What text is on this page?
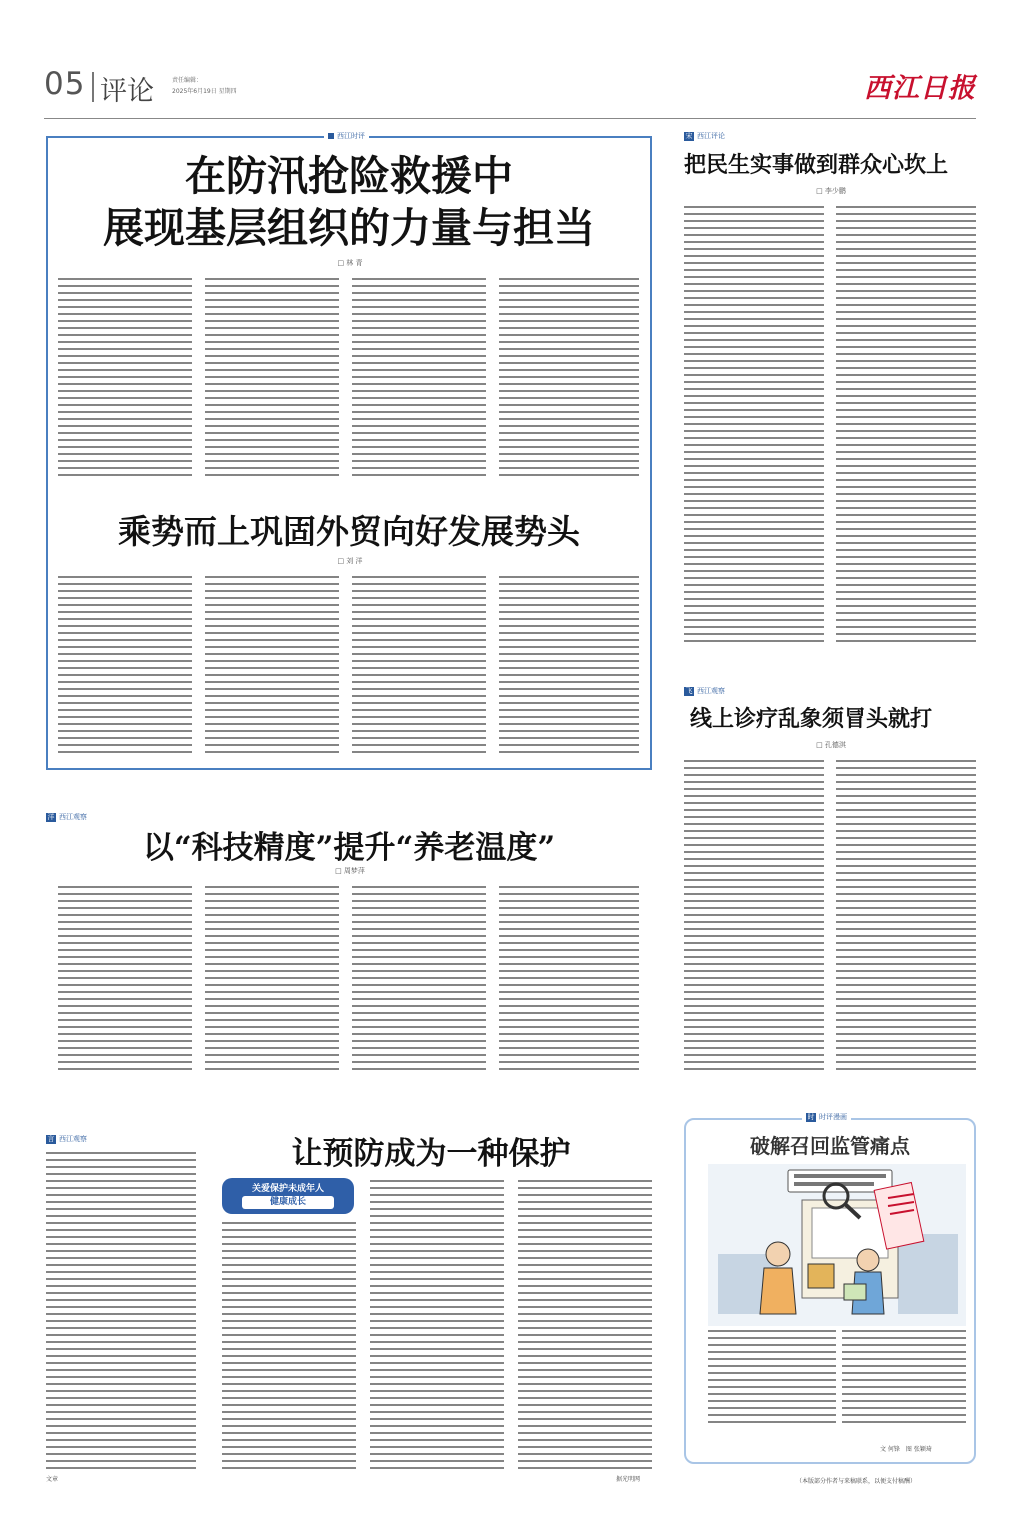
05 评论	责任编辑：
2025年6月19日 星期四	西江日报
西江时评
在防汛抢险救援中
展现基层组织的力量与担当
□ 林 青
乘势而上巩固外贸向好发展势头
□ 刘 洋
宋 西江评论
把民生实事做到群众心坎上
□ 李少鹏
飞 西江观察
线上诊疗乱象须冒头就打
□ 孔德淇
洋 西江观察
以“科技精度”提升“养老温度”
□ 周梦萍
言 西江观察
文章
让预防成为一种保护
关爱保护未成年人
健康成长
据光明网
时 时评漫画
破解召回监管痛点
文 何锋　图 张颖琦
（本版部分作者与来稿联系，以便支付稿酬）
